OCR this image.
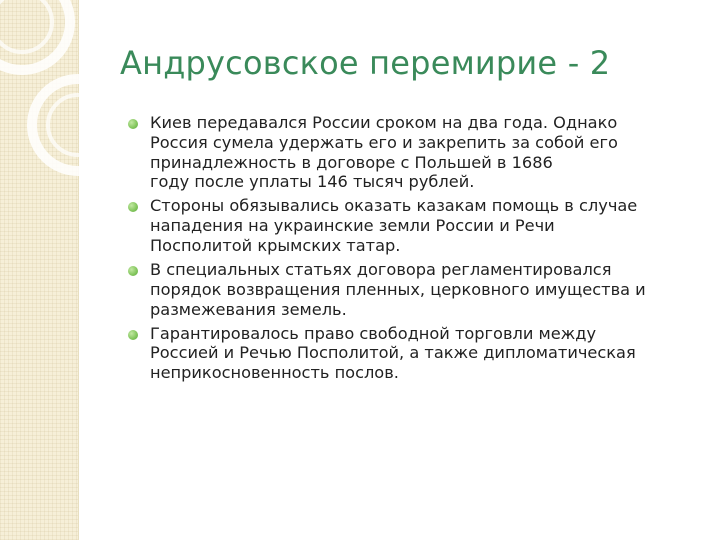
Андрусовское перемирие - 2
Киев передавался России сроком на два года. Однако
Россия сумела удержать его и закрепить за собой его
принадлежность в договоре с Польшей в 1686
году после уплаты 146 тысяч рублей.
Стороны обязывались оказать казакам помощь в случае
нападения на украинские земли России и Речи
Посполитой крымских татар.
В специальных статьях договора регламентировался
порядок возвращения пленных, церковного имущества и
размежевания земель.
Гарантировалось право свободной торговли между
Россией и Речью Посполитой, а также дипломатическая
неприкосновенность послов.
